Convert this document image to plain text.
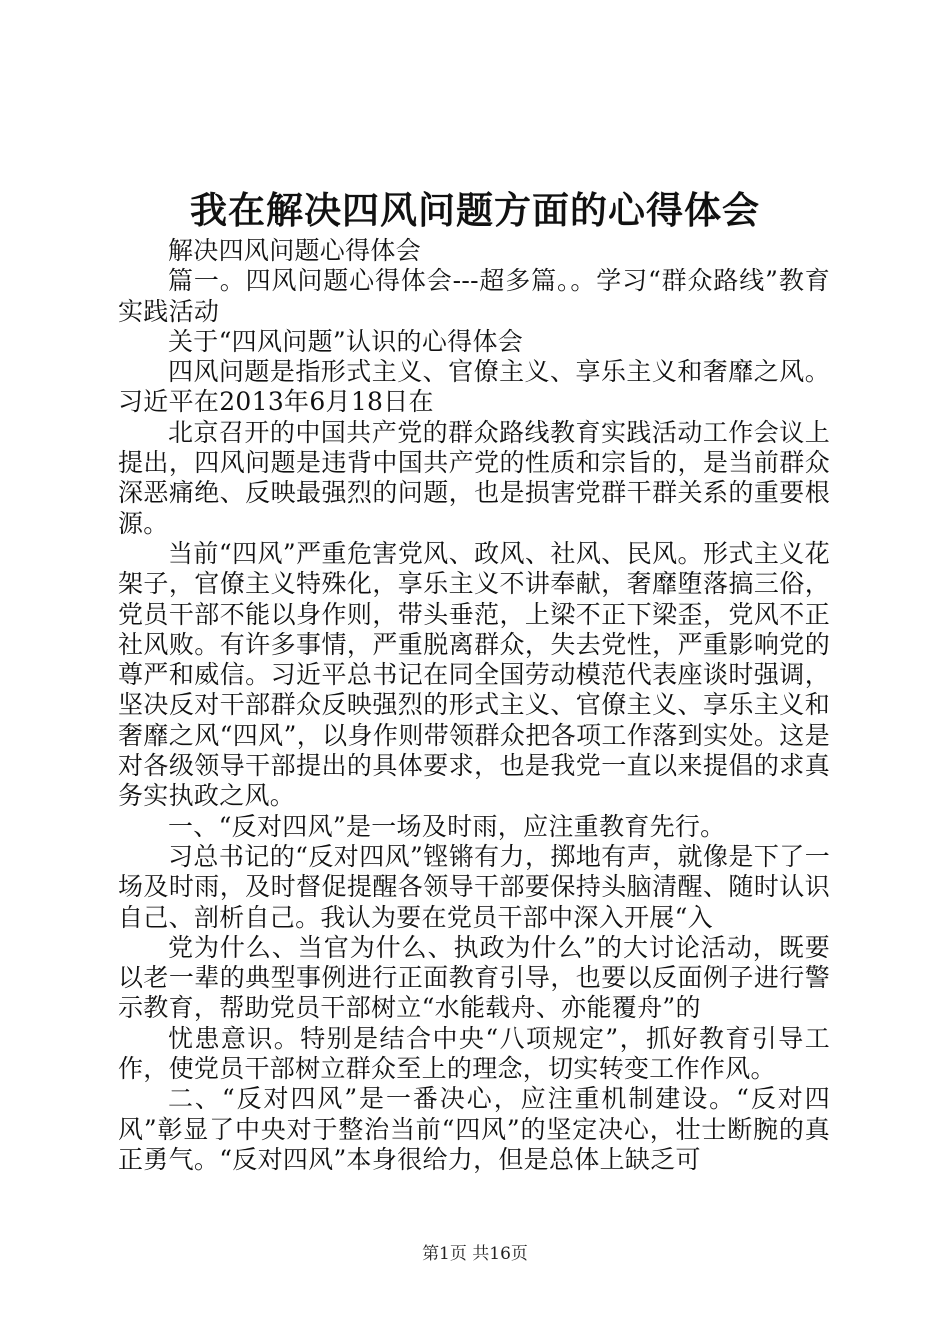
我在解决四风问题方面的心得体会

解决四风问题心得体会

篇一。四风问题心得体会---超多篇。。学习“群众路线”教育实践活动

关于“四风问题”认识的心得体会

四风问题是指形式主义、官僚主义、享乐主义和奢靡之风。习近平在2013年6月18日在

北京召开的中国共产党的群众路线教育实践活动工作会议上提出，四风问题是违背中国共产党的性质和宗旨的，是当前群众深恶痛绝、反映最强烈的问题，也是损害党群干群关系的重要根源。

当前“四风”严重危害党风、政风、社风、民风。形式主义花架子，官僚主义特殊化，享乐主义不讲奉献，奢靡堕落搞三俗，党员干部不能以身作则，带头垂范，上梁不正下梁歪，党风不正社风败。有许多事情，严重脱离群众，失去党性，严重影响党的尊严和威信。习近平总书记在同全国劳动模范代表座谈时强调，坚决反对干部群众反映强烈的形式主义、官僚主义、享乐主义和奢靡之风“四风”，以身作则带领群众把各项工作落到实处。这是对各级领导干部提出的具体要求，也是我党一直以来提倡的求真务实执政之风。

一、“反对四风”是一场及时雨，应注重教育先行。

习总书记的“反对四风”铿锵有力，掷地有声，就像是下了一场及时雨，及时督促提醒各领导干部要保持头脑清醒、随时认识自己、剖析自己。我认为要在党员干部中深入开展“入

党为什么、当官为什么、执政为什么”的大讨论活动，既要以老一辈的典型事例进行正面教育引导，也要以反面例子进行警示教育，帮助党员干部树立“水能载舟、亦能覆舟”的

忧患意识。特别是结合中央“八项规定”，抓好教育引导工作，使党员干部树立群众至上的理念，切实转变工作作风。

二、“反对四风”是一番决心，应注重机制建设。“反对四风”彰显了中央对于整治当前“四风”的坚定决心，壮士断腕的真正勇气。“反对四风”本身很给力，但是总体上缺乏可

第1页 共16页
